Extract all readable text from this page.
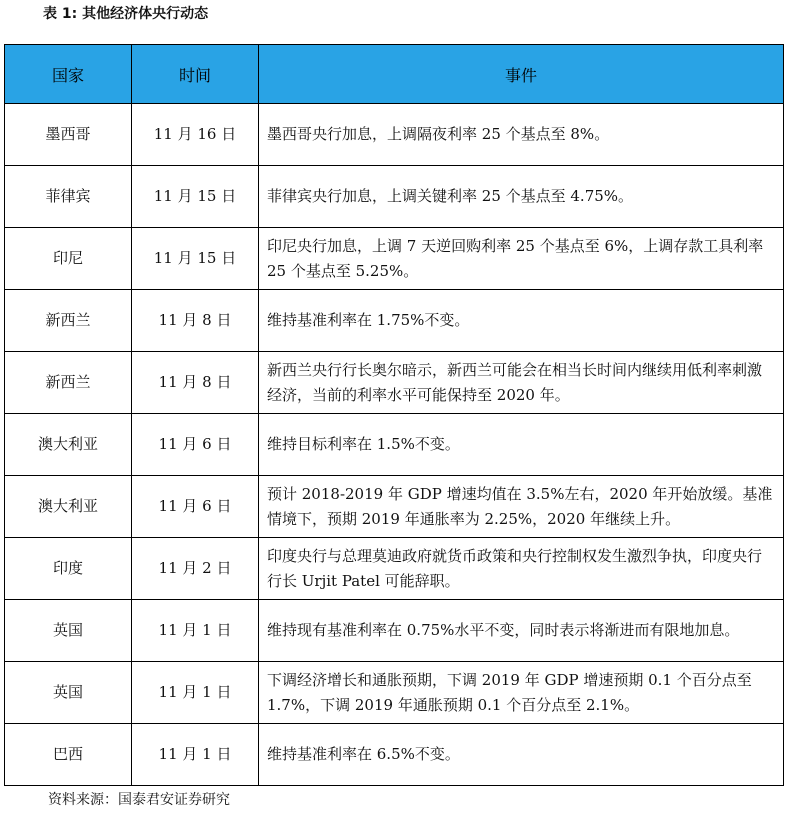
表 1: 其他经济体央行动态
国家	时间	事件
墨西哥	11 月 16 日	墨西哥央行加息，上调隔夜利率 25 个基点至 8%。
菲律宾	11 月 15 日	菲律宾央行加息，上调关键利率 25 个基点至 4.75%。
印尼	11 月 15 日	印尼央行加息，上调 7 天逆回购利率 25 个基点至 6%，上调存款工具利率 25 个基点至 5.25%。
新西兰	11 月 8 日	维持基准利率在 1.75%不变。
新西兰	11 月 8 日	新西兰央行行长奥尔暗示，新西兰可能会在相当长时间内继续用低利率刺激经济，当前的利率水平可能保持至 2020 年。
澳大利亚	11 月 6 日	维持目标利率在 1.5%不变。
澳大利亚	11 月 6 日	预计 2018-2019 年 GDP 增速均值在 3.5%左右，2020 年开始放缓。基准情境下，预期 2019 年通胀率为 2.25%，2020 年继续上升。
印度	11 月 2 日	印度央行与总理莫迪政府就货币政策和央行控制权发生激烈争执，印度央行行长 Urjit Patel 可能辞职。
英国	11 月 1 日	维持现有基准利率在 0.75%水平不变，同时表示将渐进而有限地加息。
英国	11 月 1 日	下调经济增长和通胀预期，下调 2019 年 GDP 增速预期 0.1 个百分点至 1.7%，下调 2019 年通胀预期 0.1 个百分点至 2.1%。
巴西	11 月 1 日	维持基准利率在 6.5%不变。
资料来源：国泰君安证券研究
